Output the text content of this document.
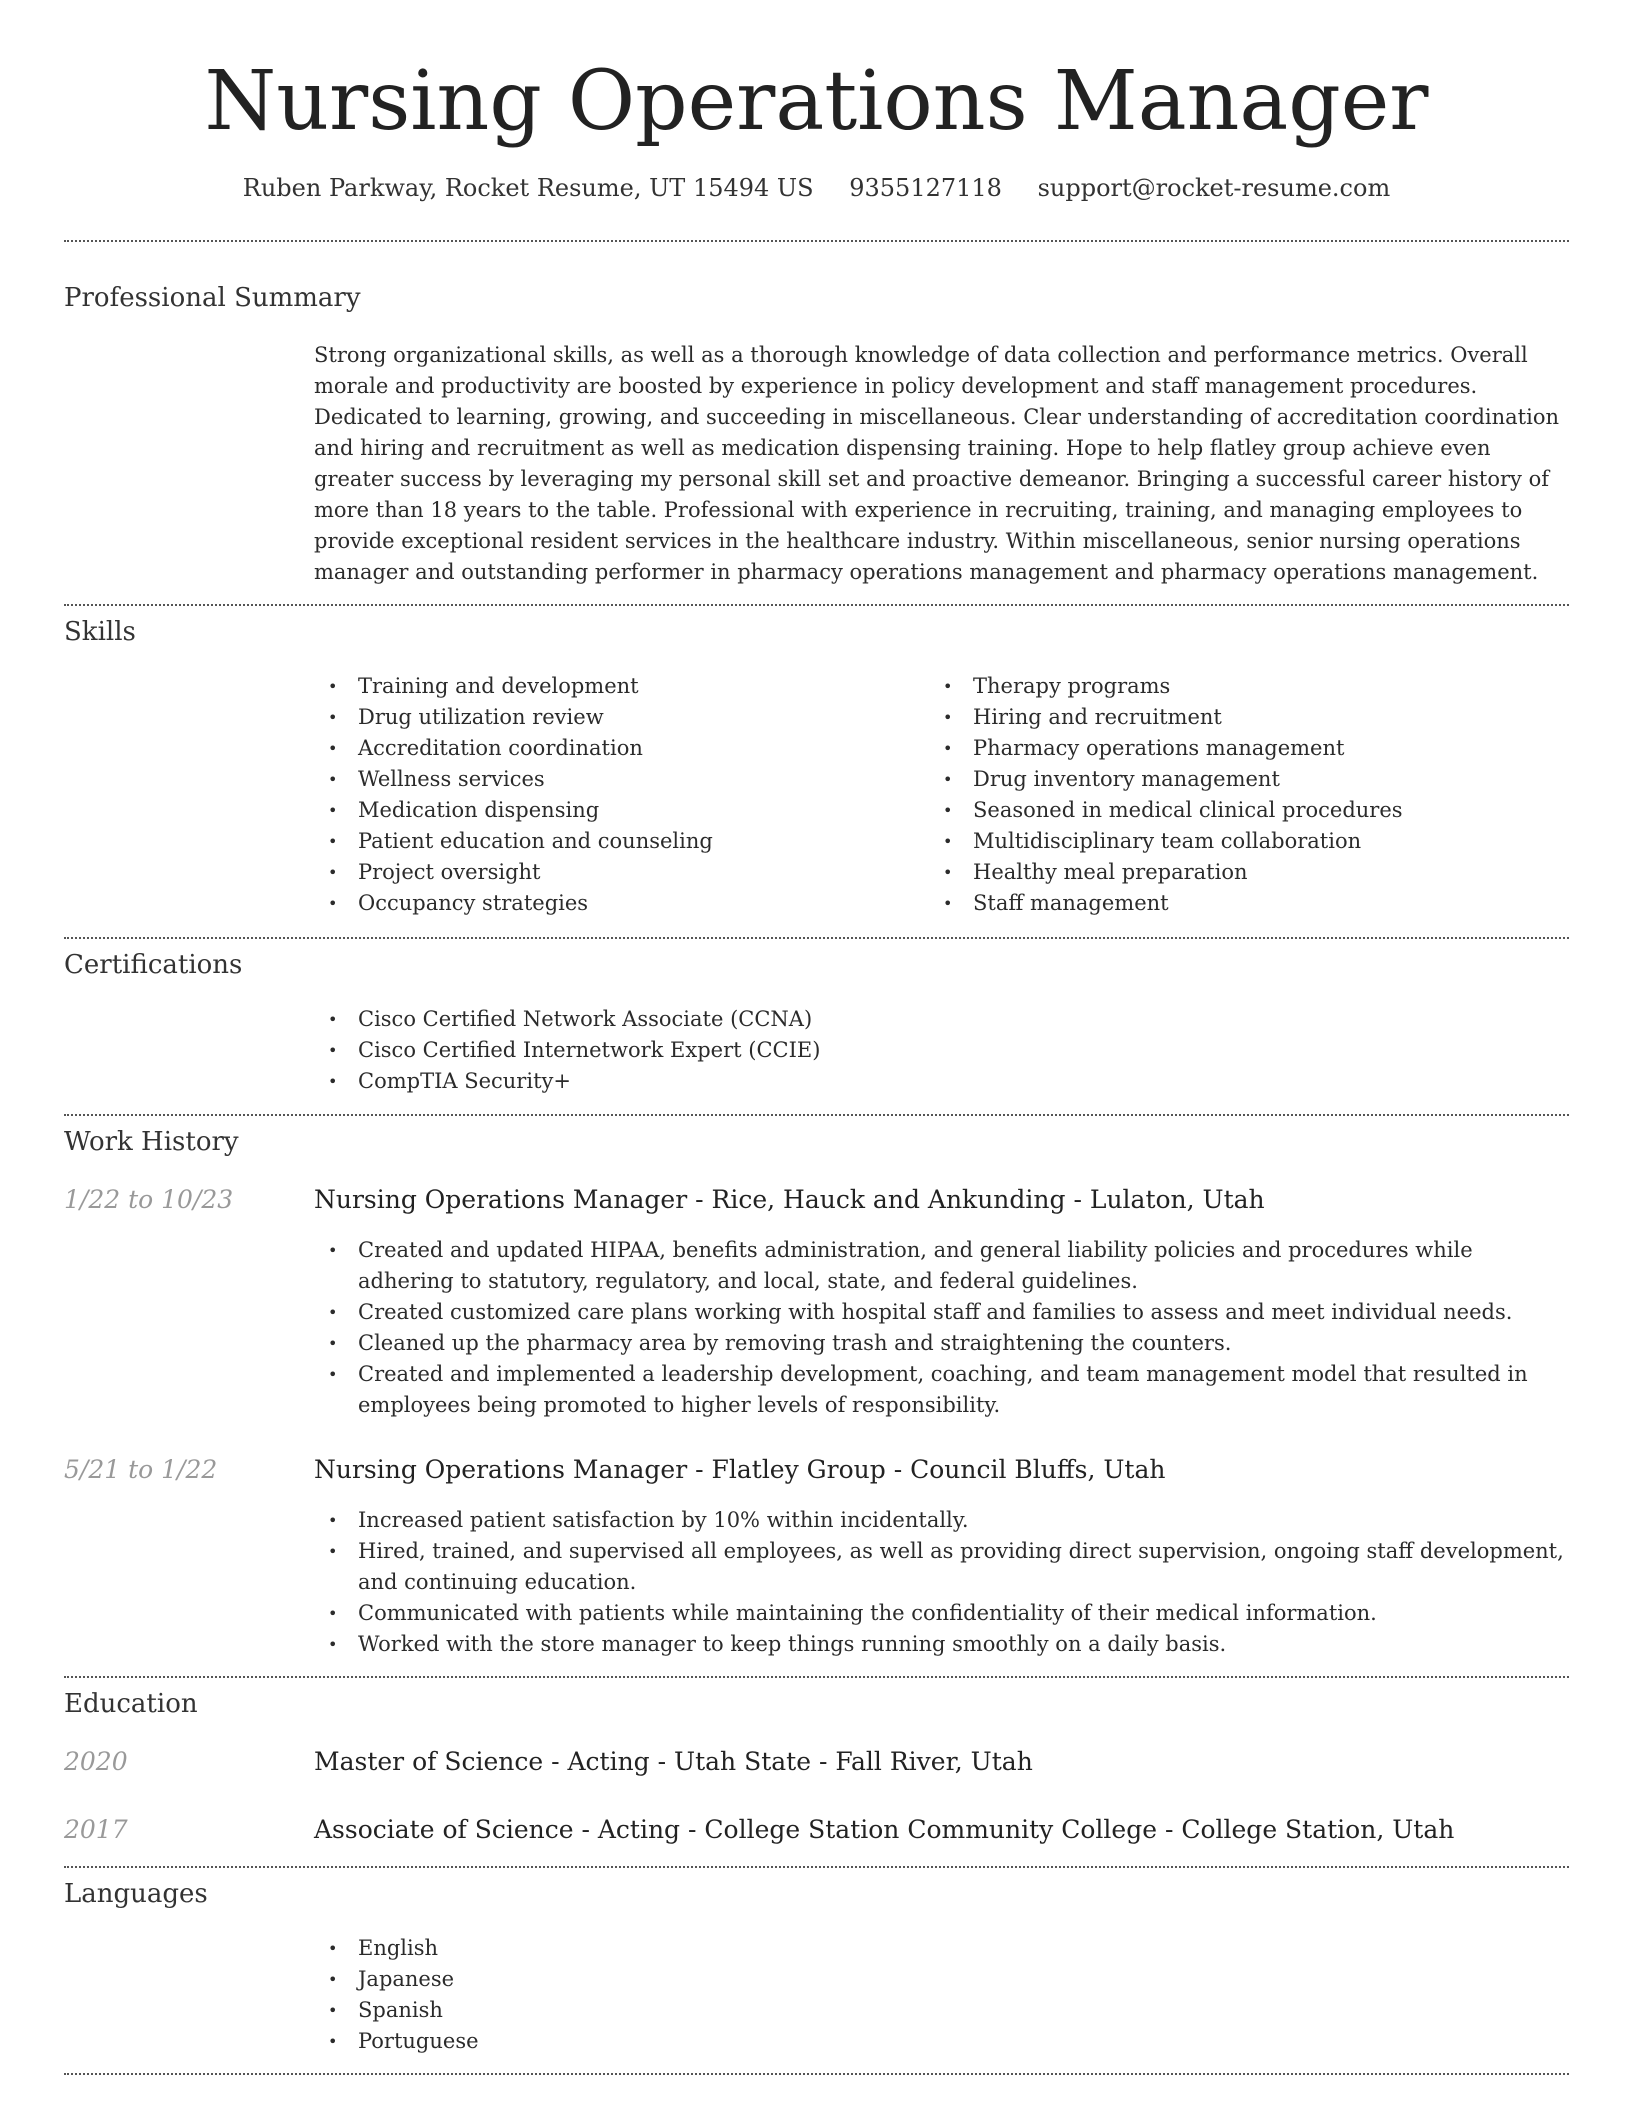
Nursing Operations Manager
Ruben Parkway, Rocket Resume, UT 15494 US 9355127118 support@rocket-resume.com
Professional Summary
Strong organizational skills, as well as a thorough knowledge of data collection and performance metrics. Overall morale and productivity are boosted by experience in policy development and staff management procedures. Dedicated to learning, growing, and succeeding in miscellaneous. Clear understanding of accreditation coordination and hiring and recruitment as well as medication dispensing training. Hope to help flatley group achieve even greater success by leveraging my personal skill set and proactive demeanor. Bringing a successful career history of more than 18 years to the table. Professional with experience in recruiting, training, and managing employees to provide exceptional resident services in the healthcare industry. Within miscellaneous, senior nursing operations manager and outstanding performer in pharmacy operations management and pharmacy operations management.
Skills
• Training and development
• Drug utilization review
• Accreditation coordination
• Wellness services
• Medication dispensing
• Patient education and counseling
• Project oversight
• Occupancy strategies
• Therapy programs
• Hiring and recruitment
• Pharmacy operations management
• Drug inventory management
• Seasoned in medical clinical procedures
• Multidisciplinary team collaboration
• Healthy meal preparation
• Staff management
Certifications
• Cisco Certified Network Associate (CCNA)
• Cisco Certified Internetwork Expert (CCIE)
• CompTIA Security+
Work History
1/22 to 10/23	Nursing Operations Manager - Rice, Hauck and Ankunding - Lulaton, Utah
• Created and updated HIPAA, benefits administration, and general liability policies and procedures while adhering to statutory, regulatory, and local, state, and federal guidelines.
• Created customized care plans working with hospital staff and families to assess and meet individual needs.
• Cleaned up the pharmacy area by removing trash and straightening the counters.
• Created and implemented a leadership development, coaching, and team management model that resulted in employees being promoted to higher levels of responsibility.
5/21 to 1/22	Nursing Operations Manager - Flatley Group - Council Bluffs, Utah
• Increased patient satisfaction by 10% within incidentally.
• Hired, trained, and supervised all employees, as well as providing direct supervision, ongoing staff development, and continuing education.
• Communicated with patients while maintaining the confidentiality of their medical information.
• Worked with the store manager to keep things running smoothly on a daily basis.
Education
2020	Master of Science - Acting - Utah State - Fall River, Utah
2017	Associate of Science - Acting - College Station Community College - College Station, Utah
Languages
• English
• Japanese
• Spanish
• Portuguese
